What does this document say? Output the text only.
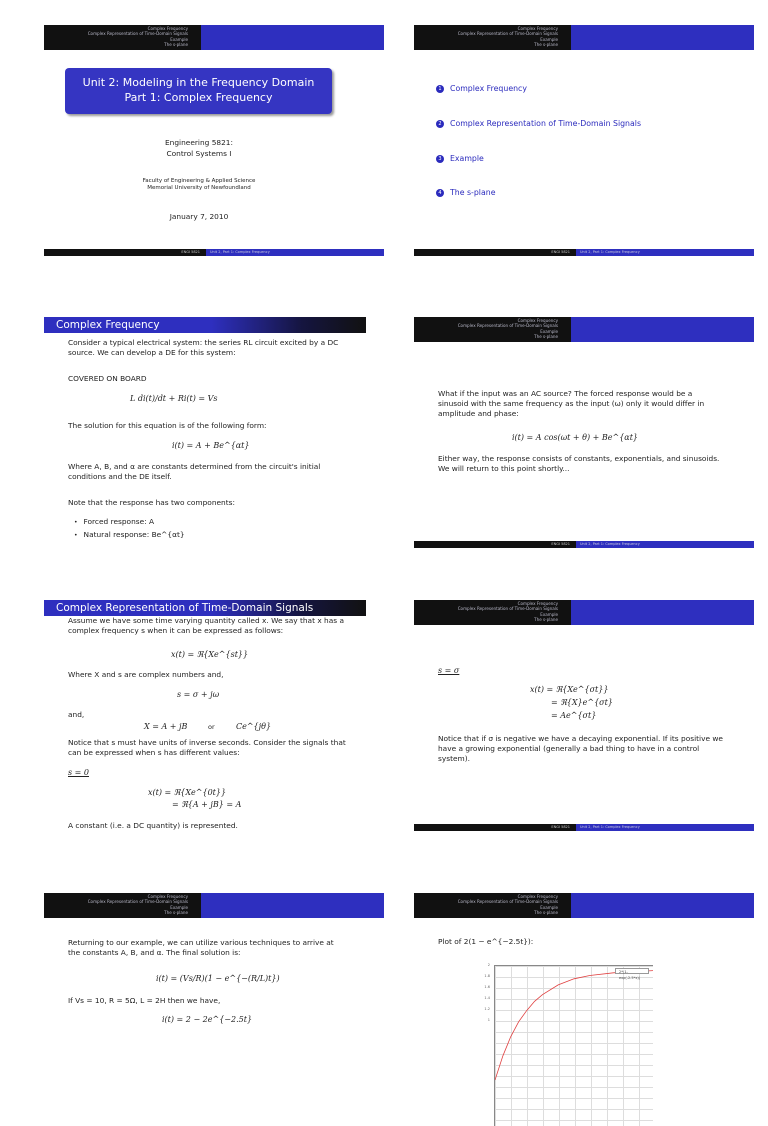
Complex Frequency
Complex Representation of Time-Domain Signals
Example
The s-plane
Unit 2: Modeling in the Frequency Domain
Part 1: Complex Frequency
Engineering 5821:
Control Systems I
Faculty of Engineering & Applied Science
Memorial University of Newfoundland
January 7, 2010
ENGI 5821	Unit 2, Part 1: Complex Frequency
Complex Frequency
Complex Representation of Time-Domain Signals
Example
The s-plane
1 Complex Frequency
2 Complex Representation of Time-Domain Signals
3 Example
4 The s-plane
ENGI 5821	Unit 2, Part 1: Complex Frequency
Complex Frequency
Consider a typical electrical system: the series RL circuit excited by a DC source. We can develop a DE for this system:
COVERED ON BOARD
L di(t)/dt + Ri(t) = Vs
The solution for this equation is of the following form:
i(t) = A + Be^{αt}
Where A, B, and α are constants determined from the circuit's initial conditions and the DE itself.
Note that the response has two components:
• Forced response: A
• Natural response: Be^{αt}
Complex Frequency
Complex Representation of Time-Domain Signals
Example
The s-plane
What if the input was an AC source? The forced response would be a sinusoid with the same frequency as the input (ω) only it would differ in amplitude and phase:
i(t) = A cos(ωt + θ) + Be^{αt}
Either way, the response consists of constants, exponentials, and sinusoids. We will return to this point shortly...
ENGI 5821	Unit 2, Part 1: Complex Frequency
Complex Representation of Time-Domain Signals
Assume we have some time varying quantity called x. We say that x has a complex frequency s when it can be expressed as follows:
x(t) = ℜ{Xe^{st}}
Where X and s are complex numbers and,
s = σ + jω
and,
X = A + jB	or	Ce^{jθ}
Notice that s must have units of inverse seconds. Consider the signals that can be expressed when s has different values:
s = 0
x(t) = ℜ{Xe^{0t}}
= ℜ{A + jB} = A
A constant (i.e. a DC quantity) is represented.
Complex Frequency
Complex Representation of Time-Domain Signals
Example
The s-plane
s = σ
x(t) = ℜ{Xe^{σt}}
= ℜ{X}e^{σt}
= Ae^{σt}
Notice that if σ is negative we have a decaying exponential. If its positive we have a growing exponential (generally a bad thing to have in a control system).
ENGI 5821	Unit 2, Part 1: Complex Frequency
Complex Frequency
Complex Representation of Time-Domain Signals
Example
The s-plane
Returning to our example, we can utilize various techniques to arrive at the constants A, B, and α. The final solution is:
i(t) = (Vs/R)(1 − e^{−(R/L)t})
If Vs = 10, R = 5Ω, L = 2H then we have,
i(t) = 2 − 2e^{−2.5t}
Complex Frequency
Complex Representation of Time-Domain Signals
Example
The s-plane
Plot of 2(1 − e^{−2.5t}):
2*(1-exp(-2.5*x))
2
1.8
1.6
1.4
1.2
1
